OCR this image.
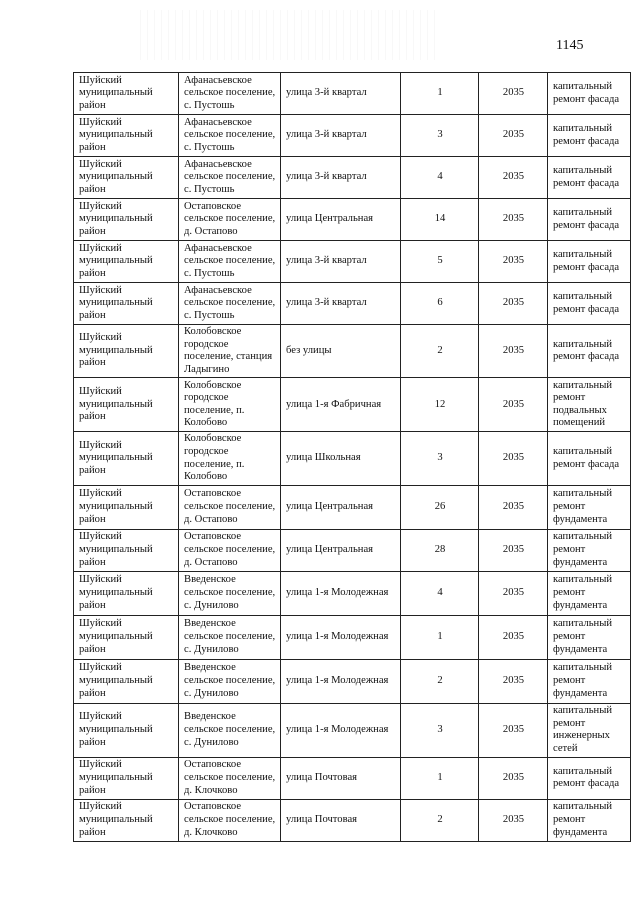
1145
Шуйский муниципальный район	Афанасьевское сельское поселение, с. Пустошь	улица 3-й квартал	1	2035	капитальный ремонт фасада
Шуйский муниципальный район	Афанасьевское сельское поселение, с. Пустошь	улица 3-й квартал	3	2035	капитальный ремонт фасада
Шуйский муниципальный район	Афанасьевское сельское поселение, с. Пустошь	улица 3-й квартал	4	2035	капитальный ремонт фасада
Шуйский муниципальный район	Остаповское сельское поселение, д. Остапово	улица Центральная	14	2035	капитальный ремонт фасада
Шуйский муниципальный район	Афанасьевское сельское поселение, с. Пустошь	улица 3-й квартал	5	2035	капитальный ремонт фасада
Шуйский муниципальный район	Афанасьевское сельское поселение, с. Пустошь	улица 3-й квартал	6	2035	капитальный ремонт фасада
Шуйский муниципальный район	Колобовское городское поселение, станция Ладыгино	без улицы	2	2035	капитальный ремонт фасада
Шуйский муниципальный район	Колобовское городское поселение, п. Колобово	улица 1-я Фабричная	12	2035	капитальный ремонт подвальных помещений
Шуйский муниципальный район	Колобовское городское поселение, п. Колобово	улица Школьная	3	2035	капитальный ремонт фасада
Шуйский муниципальный район	Остаповское сельское поселение, д. Остапово	улица Центральная	26	2035	капитальный ремонт фундамента
Шуйский муниципальный район	Остаповское сельское поселение, д. Остапово	улица Центральная	28	2035	капитальный ремонт фундамента
Шуйский муниципальный район	Введенское сельское поселение, с. Дунилово	улица 1-я Молодежная	4	2035	капитальный ремонт фундамента
Шуйский муниципальный район	Введенское сельское поселение, с. Дунилово	улица 1-я Молодежная	1	2035	капитальный ремонт фундамента
Шуйский муниципальный район	Введенское сельское поселение, с. Дунилово	улица 1-я Молодежная	2	2035	капитальный ремонт фундамента
Шуйский муниципальный район	Введенское сельское поселение, с. Дунилово	улица 1-я Молодежная	3	2035	капитальный ремонт инженерных сетей
Шуйский муниципальный район	Остаповское сельское поселение, д. Клочково	улица Почтовая	1	2035	капитальный ремонт фасада
Шуйский муниципальный район	Остаповское сельское поселение, д. Клочково	улица Почтовая	2	2035	капитальный ремонт фундамента
